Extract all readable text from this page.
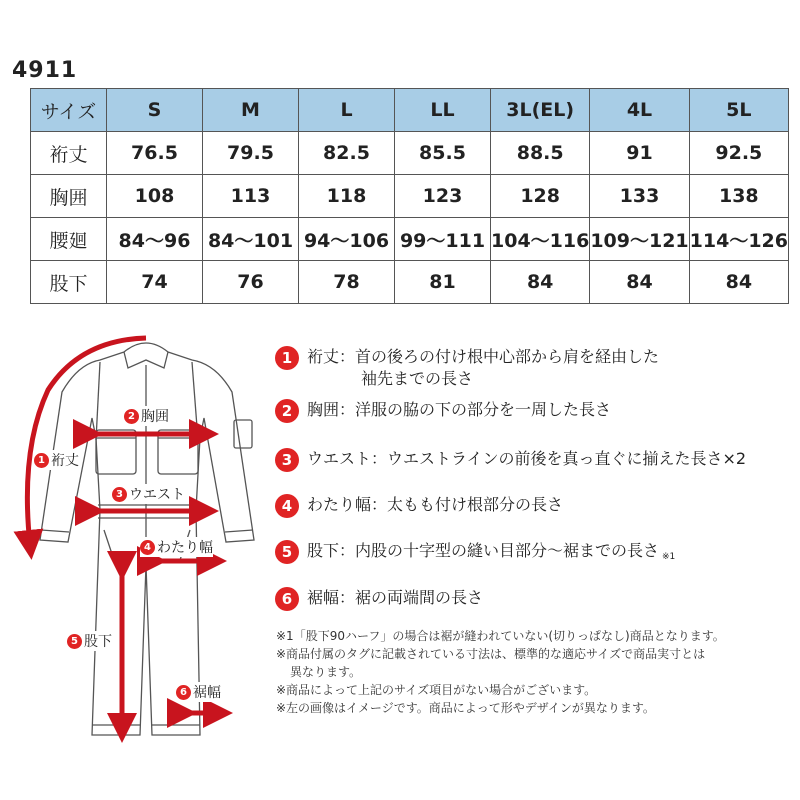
4911
サイズ	S	M	L	LL	3L(EL)	4L	5L
裄丈	76.5	79.5	82.5	85.5	88.5	91	92.5
胸囲	108	113	118	123	128	133	138
腰廻	84〜96	84〜101	94〜106	99〜111	104〜116	109〜121	114〜126
股下	74	76	78	81	84	84	84
1 裄丈
2 胸囲
3 ウエスト
4 わたり幅
5 股下
6 裾幅
1 裄丈：首の後ろの付け根中心部から肩を経由した
袖先までの長さ
2 胸囲：洋服の脇の下の部分を一周した長さ
3 ウエスト：ウエストラインの前後を真っ直ぐに揃えた長さ×2
4 わたり幅：太もも付け根部分の長さ
5 股下：内股の十字型の縫い目部分〜裾までの長さ ※1
6 裾幅：裾の両端間の長さ
※1「股下90ハーフ」の場合は裾が縫われていない(切りっぱなし)商品となります。
※商品付属のタグに記載されている寸法は、標準的な適応サイズで商品実寸とは
異なります。
※商品によって上記のサイズ項目がない場合がございます。
※左の画像はイメージです。商品によって形やデザインが異なります。
